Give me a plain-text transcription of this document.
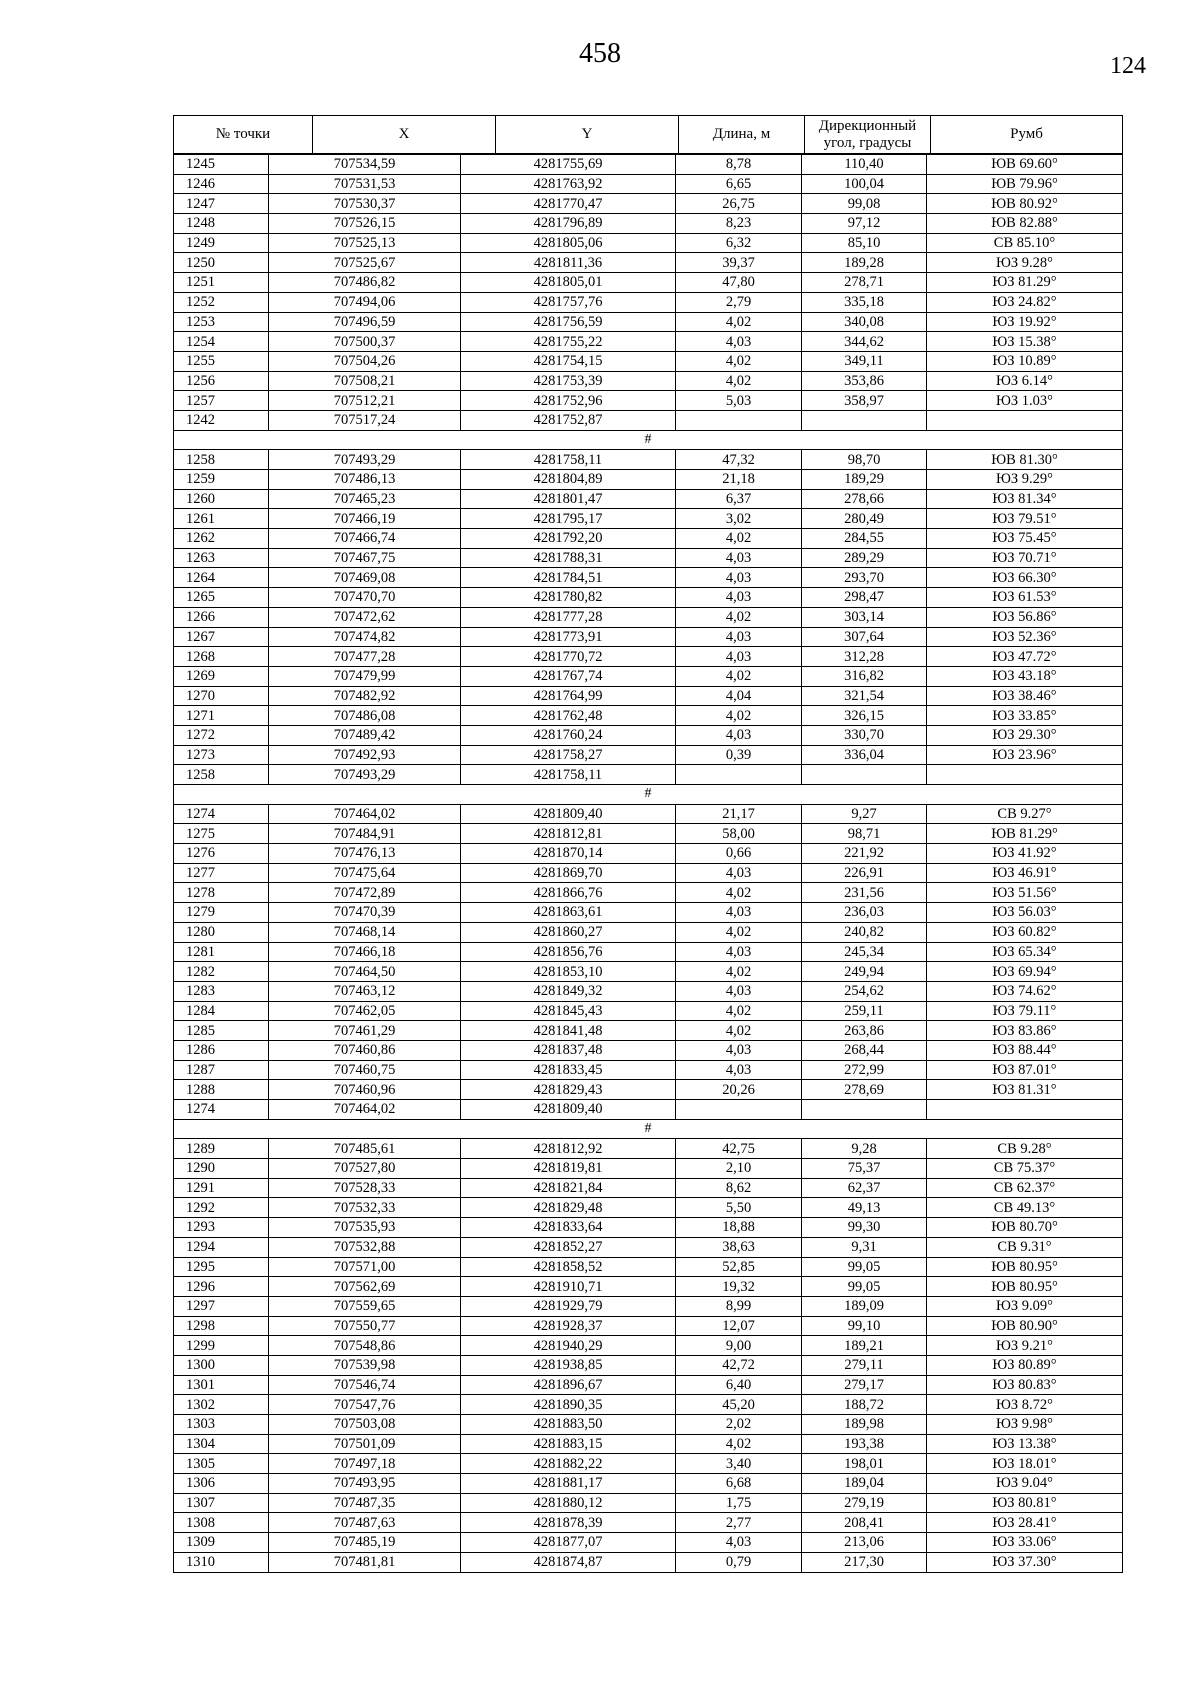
458	124
№ точки	X	Y	Длина, м	Дирекционный
угол, градусы	Румб
1245	707534,59	4281755,69	8,78	110,40	ЮВ 69.60°
1246	707531,53	4281763,92	6,65	100,04	ЮВ 79.96°
1247	707530,37	4281770,47	26,75	99,08	ЮВ 80.92°
1248	707526,15	4281796,89	8,23	97,12	ЮВ 82.88°
1249	707525,13	4281805,06	6,32	85,10	СВ 85.10°
1250	707525,67	4281811,36	39,37	189,28	ЮЗ 9.28°
1251	707486,82	4281805,01	47,80	278,71	ЮЗ 81.29°
1252	707494,06	4281757,76	2,79	335,18	ЮЗ 24.82°
1253	707496,59	4281756,59	4,02	340,08	ЮЗ 19.92°
1254	707500,37	4281755,22	4,03	344,62	ЮЗ 15.38°
1255	707504,26	4281754,15	4,02	349,11	ЮЗ 10.89°
1256	707508,21	4281753,39	4,02	353,86	ЮЗ 6.14°
1257	707512,21	4281752,96	5,03	358,97	ЮЗ 1.03°
1242	707517,24	4281752,87			
#					
1258	707493,29	4281758,11	47,32	98,70	ЮВ 81.30°
1259	707486,13	4281804,89	21,18	189,29	ЮЗ 9.29°
1260	707465,23	4281801,47	6,37	278,66	ЮЗ 81.34°
1261	707466,19	4281795,17	3,02	280,49	ЮЗ 79.51°
1262	707466,74	4281792,20	4,02	284,55	ЮЗ 75.45°
1263	707467,75	4281788,31	4,03	289,29	ЮЗ 70.71°
1264	707469,08	4281784,51	4,03	293,70	ЮЗ 66.30°
1265	707470,70	4281780,82	4,03	298,47	ЮЗ 61.53°
1266	707472,62	4281777,28	4,02	303,14	ЮЗ 56.86°
1267	707474,82	4281773,91	4,03	307,64	ЮЗ 52.36°
1268	707477,28	4281770,72	4,03	312,28	ЮЗ 47.72°
1269	707479,99	4281767,74	4,02	316,82	ЮЗ 43.18°
1270	707482,92	4281764,99	4,04	321,54	ЮЗ 38.46°
1271	707486,08	4281762,48	4,02	326,15	ЮЗ 33.85°
1272	707489,42	4281760,24	4,03	330,70	ЮЗ 29.30°
1273	707492,93	4281758,27	0,39	336,04	ЮЗ 23.96°
1258	707493,29	4281758,11			
#					
1274	707464,02	4281809,40	21,17	9,27	СВ 9.27°
1275	707484,91	4281812,81	58,00	98,71	ЮВ 81.29°
1276	707476,13	4281870,14	0,66	221,92	ЮЗ 41.92°
1277	707475,64	4281869,70	4,03	226,91	ЮЗ 46.91°
1278	707472,89	4281866,76	4,02	231,56	ЮЗ 51.56°
1279	707470,39	4281863,61	4,03	236,03	ЮЗ 56.03°
1280	707468,14	4281860,27	4,02	240,82	ЮЗ 60.82°
1281	707466,18	4281856,76	4,03	245,34	ЮЗ 65.34°
1282	707464,50	4281853,10	4,02	249,94	ЮЗ 69.94°
1283	707463,12	4281849,32	4,03	254,62	ЮЗ 74.62°
1284	707462,05	4281845,43	4,02	259,11	ЮЗ 79.11°
1285	707461,29	4281841,48	4,02	263,86	ЮЗ 83.86°
1286	707460,86	4281837,48	4,03	268,44	ЮЗ 88.44°
1287	707460,75	4281833,45	4,03	272,99	ЮЗ 87.01°
1288	707460,96	4281829,43	20,26	278,69	ЮЗ 81.31°
1274	707464,02	4281809,40			
#					
1289	707485,61	4281812,92	42,75	9,28	СВ 9.28°
1290	707527,80	4281819,81	2,10	75,37	СВ 75.37°
1291	707528,33	4281821,84	8,62	62,37	СВ 62.37°
1292	707532,33	4281829,48	5,50	49,13	СВ 49.13°
1293	707535,93	4281833,64	18,88	99,30	ЮВ 80.70°
1294	707532,88	4281852,27	38,63	9,31	СВ 9.31°
1295	707571,00	4281858,52	52,85	99,05	ЮВ 80.95°
1296	707562,69	4281910,71	19,32	99,05	ЮВ 80.95°
1297	707559,65	4281929,79	8,99	189,09	ЮЗ 9.09°
1298	707550,77	4281928,37	12,07	99,10	ЮВ 80.90°
1299	707548,86	4281940,29	9,00	189,21	ЮЗ 9.21°
1300	707539,98	4281938,85	42,72	279,11	ЮЗ 80.89°
1301	707546,74	4281896,67	6,40	279,17	ЮЗ 80.83°
1302	707547,76	4281890,35	45,20	188,72	ЮЗ 8.72°
1303	707503,08	4281883,50	2,02	189,98	ЮЗ 9.98°
1304	707501,09	4281883,15	4,02	193,38	ЮЗ 13.38°
1305	707497,18	4281882,22	3,40	198,01	ЮЗ 18.01°
1306	707493,95	4281881,17	6,68	189,04	ЮЗ 9.04°
1307	707487,35	4281880,12	1,75	279,19	ЮЗ 80.81°
1308	707487,63	4281878,39	2,77	208,41	ЮЗ 28.41°
1309	707485,19	4281877,07	4,03	213,06	ЮЗ 33.06°
1310	707481,81	4281874,87	0,79	217,30	ЮЗ 37.30°
